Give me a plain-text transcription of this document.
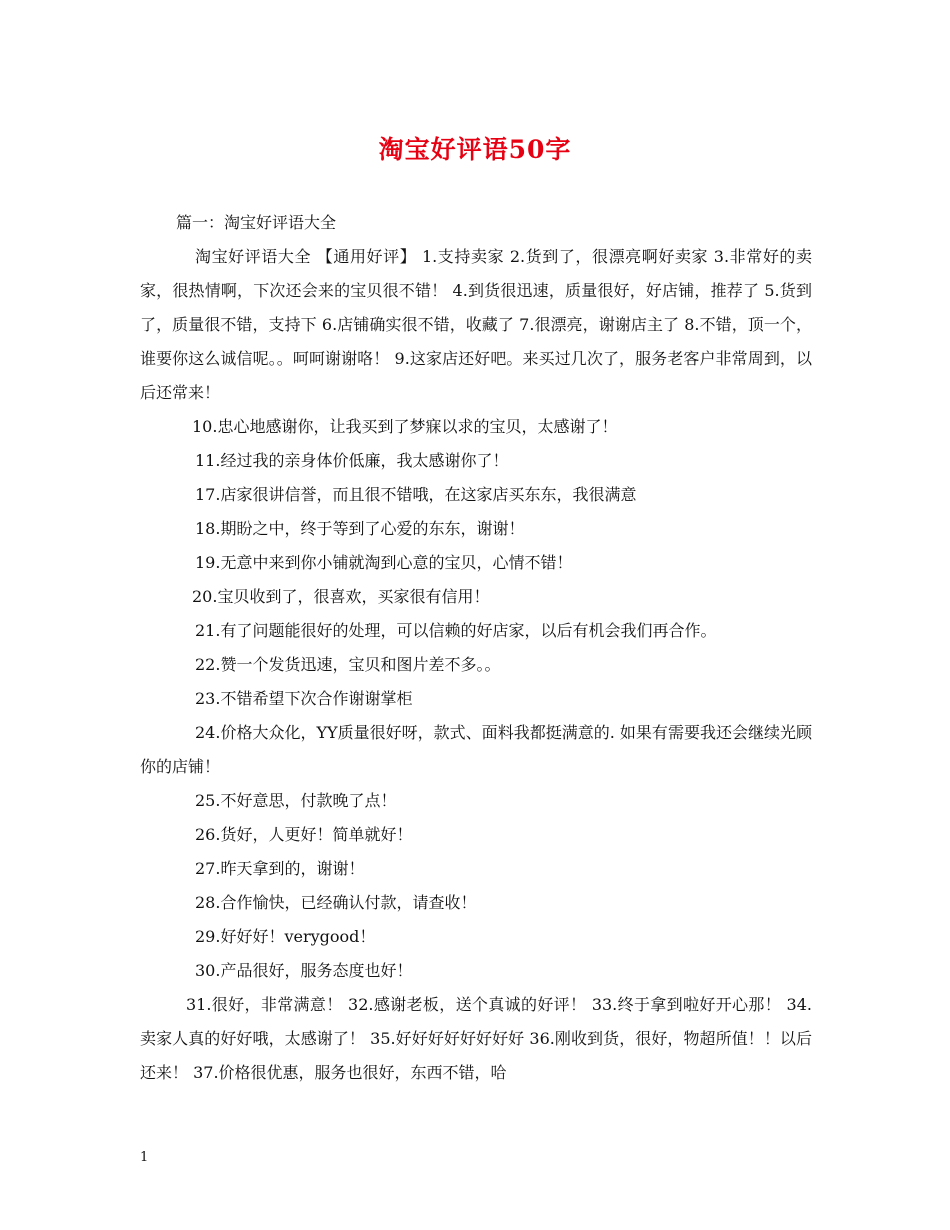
淘宝好评语50字
篇一：淘宝好评语大全

淘宝好评语大全 【通用好评】 1.支持卖家 2.货到了，很漂亮啊好卖家 3.非常好的卖家，很热情啊，下次还会来的宝贝很不错！ 4.到货很迅速，质量很好，好店铺，推荐了 5.货到了，质量很不错，支持下 6.店铺确实很不错，收藏了 7.很漂亮，谢谢店主了 8.不错，顶一个，谁要你这么诚信呢。。呵呵谢谢咯！ 9.这家店还好吧。来买过几次了，服务老客户非常周到，以后还常来！

10.忠心地感谢你，让我买到了梦寐以求的宝贝，太感谢了！

11.经过我的亲身体价低廉，我太感谢你了！

17.店家很讲信誉，而且很不错哦，在这家店买东东，我很满意

18.期盼之中，终于等到了心爱的东东，谢谢！

19.无意中来到你小铺就淘到心意的宝贝，心情不错！

20.宝贝收到了，很喜欢，买家很有信用！

21.有了问题能很好的处理，可以信赖的好店家，以后有机会我们再合作。

22.赞一个发货迅速，宝贝和图片差不多。。

23.不错希望下次合作谢谢掌柜

24.价格大众化，YY质量很好呀，款式、面料我都挺满意的. 如果有需要我还会继续光顾你的店铺！

25.不好意思，付款晚了点！

26.货好，人更好！简单就好！

27.昨天拿到的，谢谢！

28.合作愉快，已经确认付款，请查收！

29.好好好！verygood！

30.产品很好，服务态度也好！

31.很好，非常满意！ 32.感谢老板，送个真诚的好评！ 33.终于拿到啦好开心那！ 34.卖家人真的好好哦，太感谢了！ 35.好好好好好好好好 36.刚收到货，很好，物超所值！！以后还来！ 37.价格很优惠，服务也很好，东西不错，哈

1
